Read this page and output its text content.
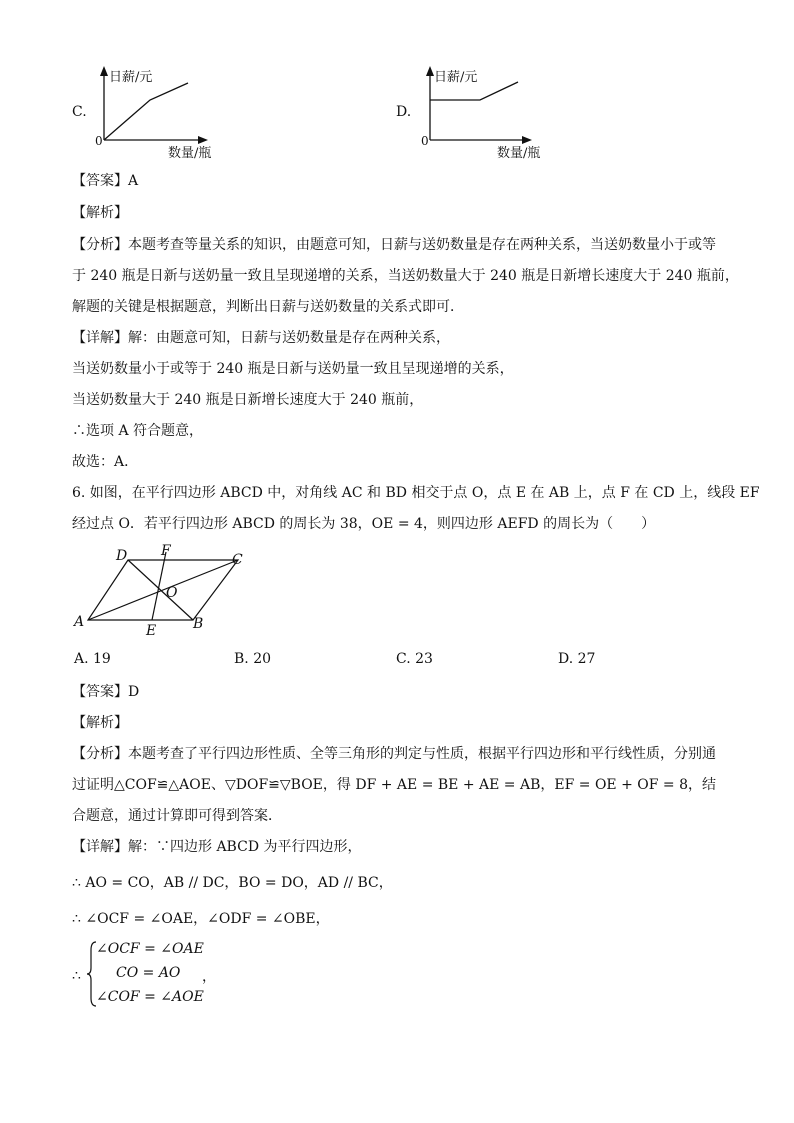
C.
日薪/元
0
数量/瓶
D.
日薪/元
0
数量/瓶
【答案】A
【解析】
【分析】本题考查等量关系的知识，由题意可知，日薪与送奶数量是存在两种关系，当送奶数量小于或等
于 240 瓶是日新与送奶量一致且呈现递增的关系，当送奶数量大于 240 瓶是日新增长速度大于 240 瓶前，
解题的关键是根据题意，判断出日薪与送奶数量的关系式即可．
【详解】解：由题意可知，日薪与送奶数量是存在两种关系，
当送奶数量小于或等于 240 瓶是日新与送奶量一致且呈现递增的关系，
当送奶数量大于 240 瓶是日新增长速度大于 240 瓶前，
∴选项 A 符合题意，
故选：A．
6. 如图，在平行四边形 ABCD 中，对角线 AC 和 BD 相交于点 O，点 E 在 AB 上，点 F 在 CD 上，线段 EF
经过点 O．若平行四边形 ABCD 的周长为 38，OE = 4，则四边形 AEFD 的周长为（　　）
D F
C
O
A
E	B
A. 19	B. 20	C. 23	D. 27
【答案】D
【解析】
【分析】本题考查了平行四边形性质、全等三角形的判定与性质，根据平行四边形和平行线性质，分别通
过证明△COF≌△AOE、▽DOF≌▽BOE，得 DF + AE = BE + AE = AB，EF = OE + OF = 8，结
合题意，通过计算即可得到答案．
【详解】解：∵四边形 ABCD 为平行四边形，
∴ AO = CO，AB // DC，BO = DO，AD // BC，
∴ ∠OCF = ∠OAE，∠ODF = ∠OBE，
∴
∠OCF = ∠OAE
CO = AO
∠COF = ∠AOE
，
